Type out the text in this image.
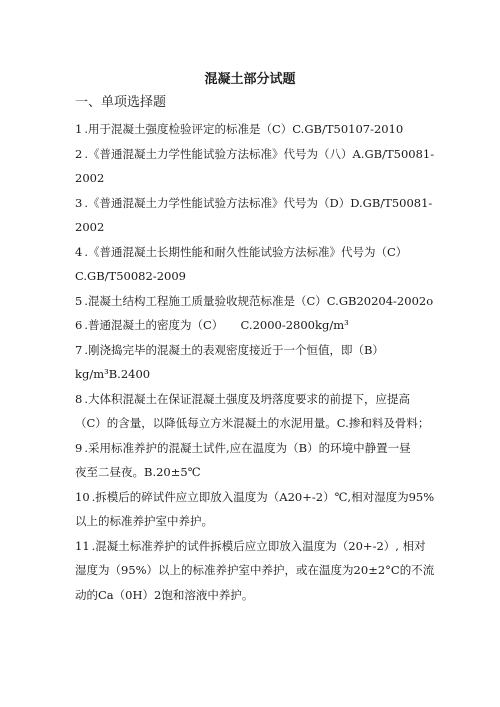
混凝土部分试题
一、单项选择题
1 .用于混凝土强度检验评定的标准是（C）C.GB/T50107-2010
2 .《普通混凝土力学性能试验方法标准》代号为（八）A.GB/T50081-
2002
3 .《普通混凝土力学性能试验方法标准》代号为（D）D.GB/T50081-
2002
4 .《普通混凝土长期性能和耐久性能试验方法标准》代号为（C）
C.GB/T50082-2009
5 .混凝土结构工程施工质量验收规范标准是（C）C.GB20204-2002o
6 .普通混凝土的密度为（C）　　C.2000-2800kg/m³
7 .刚浇捣完毕的混凝土的表观密度接近于一个恒值，即（B）
kg/m³B.2400
8 .大体积混凝土在保证混凝土强度及坍落度要求的前提下，应提高
（C）的含量，以降低每立方米混凝土的水泥用量。C.掺和料及骨料；
9 .采用标准养护的混凝土试件,应在温度为（B）的环境中静置一昼
夜至二昼夜。B.20±5℃
10 .拆模后的碎试件应立即放入温度为（A20+-2）℃,相对湿度为95%
以上的标准养护室中养护。
11 .混凝土标准养护的试件拆模后应立即放入温度为（20+-2）, 相对
湿度为（95%）以上的标准养护室中养护，或在温度为20±2°C的不流
动的Ca（0H）2饱和溶液中养护。
